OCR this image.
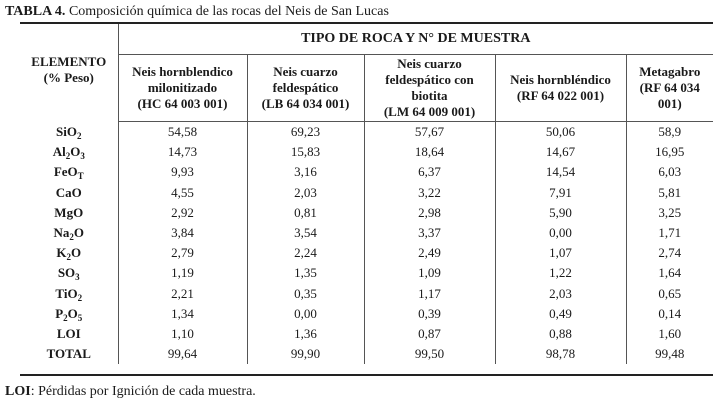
TABLA 4. Composición química de las rocas del Neis de San Lucas
ELEMENTO
(% Peso)	TIPO DE ROCA Y N° DE MUESTRA				

	Neis hornblendico
milonitizado
(HC 64 003 001)	Neis cuarzo
feldespático
(LB 64 034 001)	Neis cuarzo
feldespático con
biotita
(LM 64 009 001)	Neis hornbléndico
(RF 64 022 001)	Metagabro
(RF 64 034
001)

SiO$_2$	54,58	69,23	57,67	50,06	58,9
$Al_2O_3$	14,73	15,83	18,64	14,67	16,95
FeO$_T$	9,93	3,16	6,37	14,54	6,03
CaO	4,55	2,03	3,22	7,91	5,81
MgO	2,92	0,81	2,98	5,90	3,25
$Na_2O$	3,84	3,54	3,37	0,00	1,71
$K_2O$	2,79	2,24	2,49	1,07	2,74
$SO_3$	1,19	1,35	1,09	1,22	1,64
TiO$_2$	2,21	0,35	1,17	2,03	0,65
$P_2O_5$	1,34	0,00	0,39	0,49	0,14
LOI	1,10	1,36	0,87	0,88	1,60
TOTAL	99,64	99,90	99,50	98,78	99,48
LOI: Pérdidas por Ignición de cada muestra.
